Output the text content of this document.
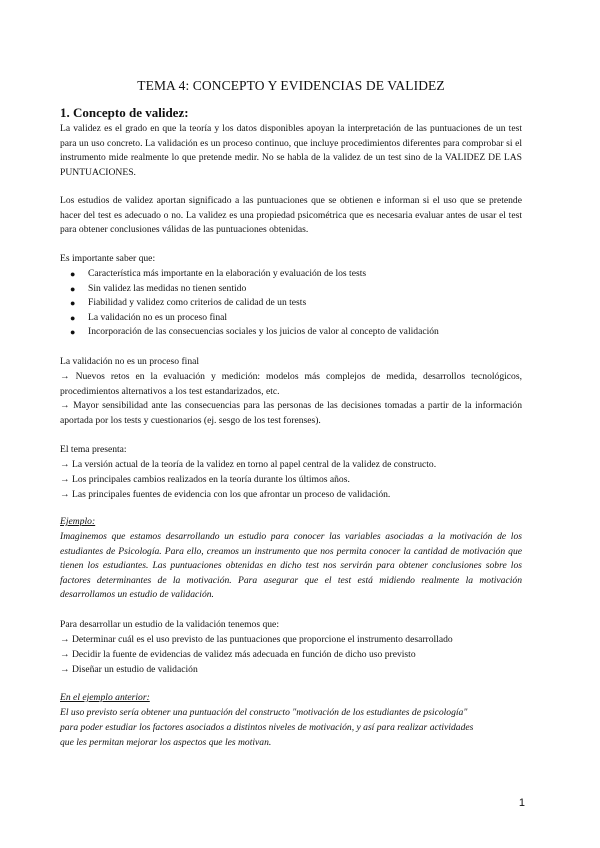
TEMA 4: CONCEPTO Y EVIDENCIAS DE VALIDEZ
1. Concepto de validez:
La validez es el grado en que la teoría y los datos disponibles apoyan la interpretación de las puntuaciones de un test para un uso concreto. La validación es un proceso continuo, que incluye procedimientos diferentes para comprobar si el instrumento mide realmente lo que pretende medir. No se habla de la validez de un test sino de la VALIDEZ DE LAS PUNTUACIONES.
Los estudios de validez aportan significado a las puntuaciones que se obtienen e informan si el uso que se pretende hacer del test es adecuado o no. La validez es una propiedad psicométrica que es necesaria evaluar antes de usar el test para obtener conclusiones válidas de las puntuaciones obtenidas.
Es importante saber que:
● Característica más importante en la elaboración y evaluación de los tests
● Sin validez las medidas no tienen sentido
● Fiabilidad y validez como criterios de calidad de un tests
● La validación no es un proceso final
● Incorporación de las consecuencias sociales y los juicios de valor al concepto de validación
La validación no es un proceso final
→ Nuevos retos en la evaluación y medición: modelos más complejos de medida, desarrollos tecnológicos, procedimientos alternativos a los test estandarizados, etc.
→ Mayor sensibilidad ante las consecuencias para las personas de las decisiones tomadas a partir de la información aportada por los tests y cuestionarios (ej. sesgo de los test forenses).
El tema presenta:
→ La versión actual de la teoría de la validez en torno al papel central de la validez de constructo.
→ Los principales cambios realizados en la teoría durante los últimos años.
→ Las principales fuentes de evidencia con los que afrontar un proceso de validación.
Ejemplo:
Imaginemos que estamos desarrollando un estudio para conocer las variables asociadas a la motivación de los estudiantes de Psicología. Para ello, creamos un instrumento que nos permita conocer la cantidad de motivación que tienen los estudiantes. Las puntuaciones obtenidas en dicho test nos servirán para obtener conclusiones sobre los factores determinantes de la motivación. Para asegurar que el test está midiendo realmente la motivación desarrollamos un estudio de validación.
Para desarrollar un estudio de la validación tenemos que:
→ Determinar cuál es el uso previsto de las puntuaciones que proporcione el instrumento desarrollado
→ Decidir la fuente de evidencias de validez más adecuada en función de dicho uso previsto
→ Diseñar un estudio de validación
En el ejemplo anterior:
El uso previsto sería obtener una puntuación del constructo "motivación de los estudiantes de psicología"
para poder estudiar los factores asociados a distintos niveles de motivación, y así para realizar actividades
que les permitan mejorar los aspectos que les motivan.
1
